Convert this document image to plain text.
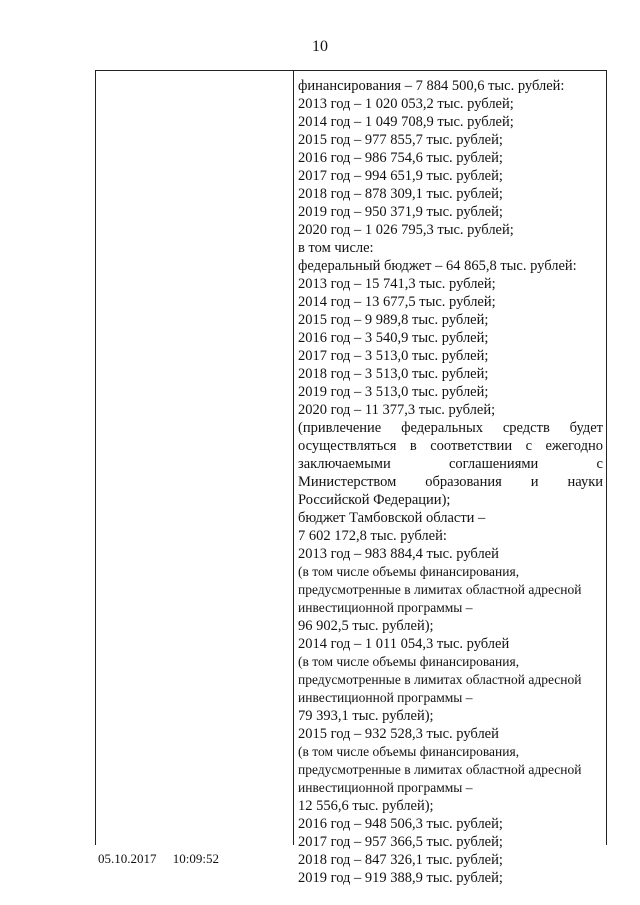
10
финансирования – 7 884 500,6 тыс. рублей:
2013 год – 1 020 053,2 тыс. рублей;
2014 год – 1 049 708,9 тыс. рублей;
2015 год – 977 855,7 тыс. рублей;
2016 год – 986 754,6 тыс. рублей;
2017 год – 994 651,9 тыс. рублей;
2018 год – 878 309,1 тыс. рублей;
2019 год – 950 371,9 тыс. рублей;
2020 год – 1 026 795,3 тыс. рублей;
в том числе:
федеральный бюджет – 64 865,8 тыс. рублей:
2013 год – 15 741,3 тыс. рублей;
2014 год – 13 677,5 тыс. рублей;
2015 год – 9 989,8 тыс. рублей;
2016 год – 3 540,9 тыс. рублей;
2017 год – 3 513,0 тыс. рублей;
2018 год – 3 513,0 тыс. рублей;
2019 год – 3 513,0 тыс. рублей;
2020 год – 11 377,3 тыс. рублей;
(привлечение федеральных средств будет
осуществляться в соответствии с ежегодно
заключаемыми соглашениями с
Министерством образования и науки
Российской Федерации);
бюджет Тамбовской области –
7 602 172,8 тыс. рублей:
2013 год – 983 884,4 тыс. рублей
(в том числе объемы финансирования,
предусмотренные в лимитах областной адресной
инвестиционной программы –
96 902,5 тыс. рублей);
2014 год – 1 011 054,3 тыс. рублей
(в том числе объемы финансирования,
предусмотренные в лимитах областной адресной
инвестиционной программы –
79 393,1 тыс. рублей);
2015 год – 932 528,3 тыс. рублей
(в том числе объемы финансирования,
предусмотренные в лимитах областной адресной
инвестиционной программы –
12 556,6 тыс. рублей);
2016 год – 948 506,3 тыс. рублей;
2017 год – 957 366,5 тыс. рублей;
2018 год – 847 326,1 тыс. рублей;
2019 год – 919 388,9 тыс. рублей;
05.10.2017 10:09:52
